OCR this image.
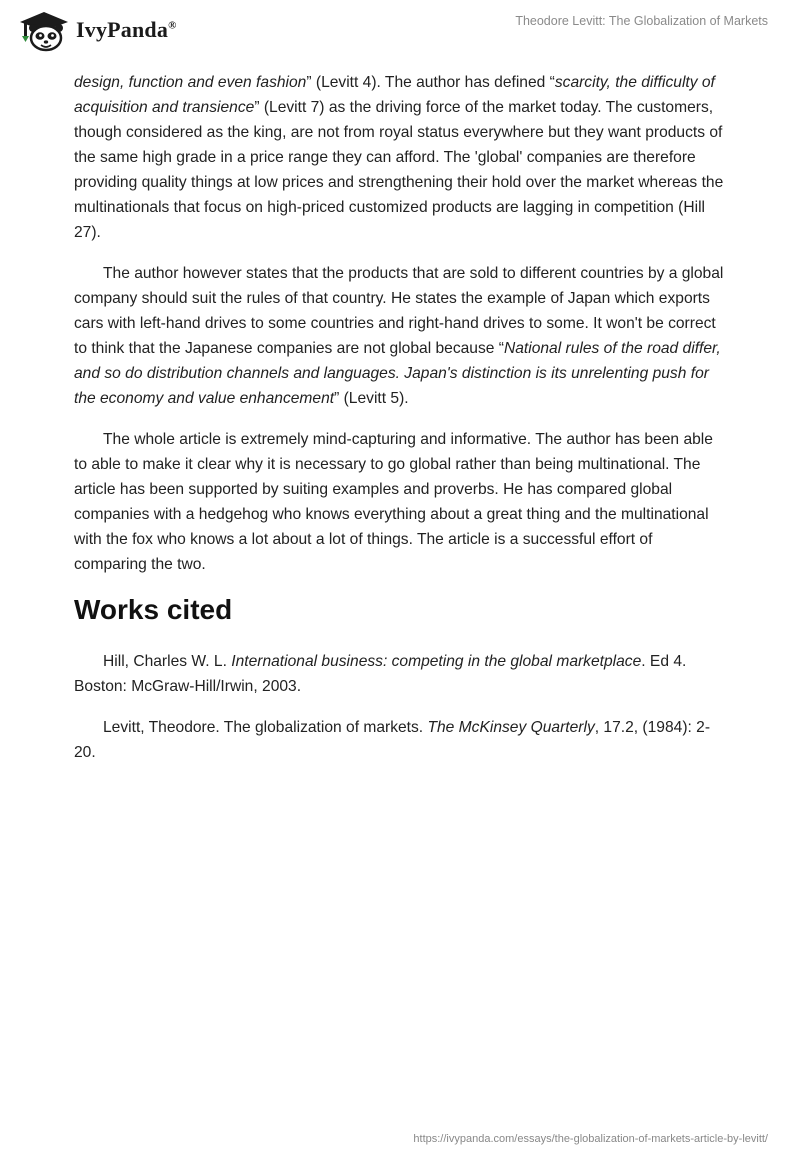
IvyPanda®	Theodore Levitt: The Globalization of Markets

design, function and even fashion” (Levitt 4). The author has defined “scarcity, the difficulty of acquisition and transience” (Levitt 7) as the driving force of the market today. The customers, though considered as the king, are not from royal status everywhere but they want products of the same high grade in a price range they can afford. The 'global' companies are therefore providing quality things at low prices and strengthening their hold over the market whereas the multinationals that focus on high-priced customized products are lagging in competition (Hill 27).

The author however states that the products that are sold to different countries by a global company should suit the rules of that country. He states the example of Japan which exports cars with left-hand drives to some countries and right-hand drives to some. It won't be correct to think that the Japanese companies are not global because “National rules of the road differ, and so do distribution channels and languages. Japan's distinction is its unrelenting push for the economy and value enhancement” (Levitt 5).

The whole article is extremely mind-capturing and informative. The author has been able to able to make it clear why it is necessary to go global rather than being multinational. The article has been supported by suiting examples and proverbs. He has compared global companies with a hedgehog who knows everything about a great thing and the multinational with the fox who knows a lot about a lot of things. The article is a successful effort of comparing the two.

Works cited

Hill, Charles W. L. International business: competing in the global marketplace. Ed 4. Boston: McGraw-Hill/Irwin, 2003.

Levitt, Theodore. The globalization of markets. The McKinsey Quarterly, 17.2, (1984): 2-20.

https://ivypanda.com/essays/the-globalization-of-markets-article-by-levitt/
